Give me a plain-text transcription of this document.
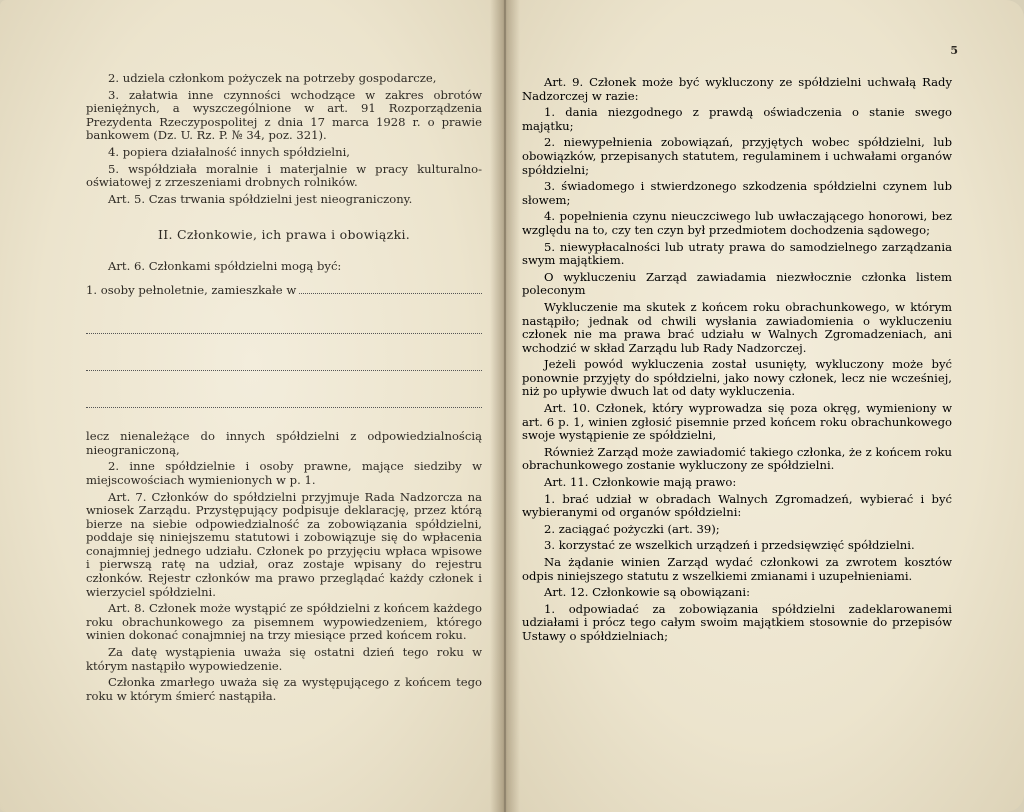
2. udziela członkom pożyczek na potrzeby gospodarcze,

3. załatwia inne czynności wchodzące w zakres obrotów pieniężnych, a wyszczególnione w art. 91 Rozporządzenia Prezydenta Rzeczypospolitej z dnia 17 marca 1928 r. o prawie bankowem (Dz. U. Rz. P. № 34, poz. 321).

4. popiera działalność innych spółdzielni,

5. współdziała moralnie i materjalnie w pracy kulturalno-oświatowej z zrzeszeniami drobnych rolników.

Art. 5. Czas trwania spółdzielni jest nieograniczony.

II. Członkowie, ich prawa i obowiązki.

Art. 6. Członkami spółdzielni mogą być:

1. osoby pełnoletnie, zamieszkałe w

lecz nienależące do innych spółdzielni z odpowiedzialnością nieograniczoną,

2. inne spółdzielnie i osoby prawne, mające siedziby w miejscowościach wymienionych w p. 1.

Art. 7. Członków do spółdzielni przyjmuje Rada Nadzorcza na wniosek Zarządu. Przystępujący podpisuje deklarację, przez którą bierze na siebie odpowiedzialność za zobowiązania spółdzielni, poddaje się niniejszemu statutowi i zobowiązuje się do wpłacenia conajmniej jednego udziału. Członek po przyjęciu wpłaca wpisowe i pierwszą ratę na udział, oraz zostaje wpisany do rejestru członków. Rejestr członków ma prawo przeglądać każdy członek i wierzyciel spółdzielni.

Art. 8. Członek może wystąpić ze spółdzielni z końcem każdego roku obrachunkowego za pisemnem wypowiedzeniem, którego winien dokonać conajmniej na trzy miesiące przed końcem roku.

Za datę wystąpienia uważa się ostatni dzień tego roku w którym nastąpiło wypowiedzenie.

Członka zmarłego uważa się za występującego z końcem tego roku w którym śmierć nastąpiła.

5

Art. 9. Członek może być wykluczony ze spółdzielni uchwałą Rady Nadzorczej w razie:

1. dania niezgodnego z prawdą oświadczenia o stanie swego majątku;

2. niewypełnienia zobowiązań, przyjętych wobec spółdzielni, lub obowiązków, przepisanych statutem, regulaminem i uchwałami organów spółdzielni;

3. świadomego i stwierdzonego szkodzenia spółdzielni czynem lub słowem;

4. popełnienia czynu nieuczciwego lub uwłaczającego honorowi, bez względu na to, czy ten czyn był przedmiotem dochodzenia sądowego;

5. niewypłacalności lub utraty prawa do samodzielnego zarządzania swym majątkiem.

O wykluczeniu Zarząd zawiadamia niezwłocznie członka listem poleconym

Wykluczenie ma skutek z końcem roku obrachunkowego, w którym nastąpiło; jednak od chwili wysłania zawiadomienia o wykluczeniu członek nie ma prawa brać udziału w Walnych Zgromadzeniach, ani wchodzić w skład Zarządu lub Rady Nadzorczej.

Jeżeli powód wykluczenia został usunięty, wykluczony może być ponownie przyjęty do spółdzielni, jako nowy członek, lecz nie wcześniej, niż po upływie dwuch lat od daty wykluczenia.

Art. 10. Członek, który wyprowadza się poza okręg, wymieniony w art. 6 p. 1, winien zgłosić pisemnie przed końcem roku obrachunkowego swoje wystąpienie ze spółdzielni,

Również Zarząd może zawiadomić takiego członka, że z końcem roku obrachunkowego zostanie wykluczony ze spółdzielni.

Art. 11. Członkowie mają prawo:

1. brać udział w obradach Walnych Zgromadzeń, wybierać i być wybieranymi od organów spółdzielni:

2. zaciągać pożyczki (art. 39);

3. korzystać ze wszelkich urządzeń i przedsięwzięć spółdzielni.

Na żądanie winien Zarząd wydać członkowi za zwrotem kosztów odpis niniejszego statutu z wszelkiemi zmianami i uzupełnieniami.

Art. 12. Członkowie są obowiązani:

1. odpowiadać za zobowiązania spółdzielni zadeklarowanemi udziałami i prócz tego całym swoim majątkiem stosownie do przepisów Ustawy o spółdzielniach;
